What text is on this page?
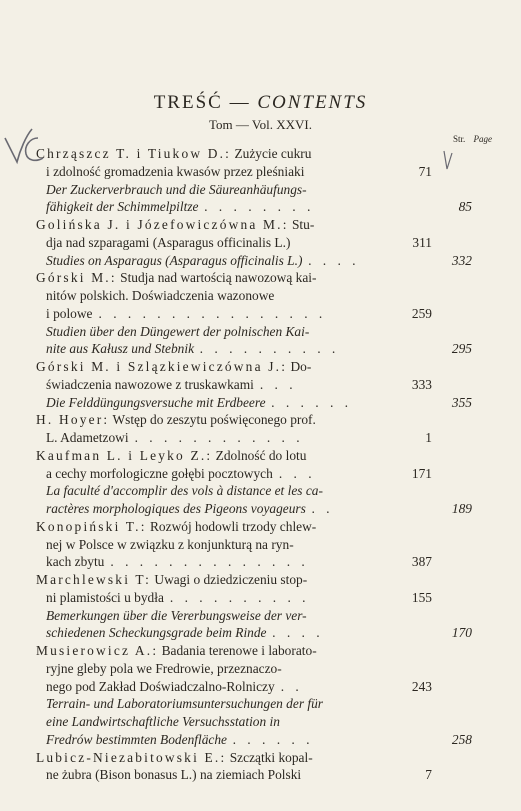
TREŚĆ — CONTENTS
Tom — Vol. XXVI.
Str. Page
Chrząszcz T. i Tiukow D.: Zużycie cukru
i zdolność gromadzenia kwasów przez pleśniaki	71
Der Zuckerverbrauch und die Säureanhäufungs-
fähigkeit der Schimmelpiltze . . . . . . . .	85
Golińska J. i Józefowiczówna M.: Stu-
dja nad szparagami (Asparagus officinalis L.)	311
Studies on Asparagus (Asparagus officinalis L.) . . . .	332
Górski M.: Studja nad wartością nawozową kai-
nitów polskich. Doświadczenia wazonowe
i polowe . . . . . . . . . . . . . . . .	259
Studien über den Düngewert der polnischen Kai-
nite aus Kałusz und Stebnik . . . . . . . . . .	295
Górski M. i Szlązkiewiczówna J.: Do-
świadczenia nawozowe z truskawkami . . .	333
Die Felddüngungsversuche mit Erdbeere . . . . . .	355
H. Hoyer: Wstęp do zeszytu poświęconego prof.
L. Adametzowi . . . . . . . . . . . .	1
Kaufman L. i Leyko Z.: Zdolność do lotu
a cechy morfologiczne gołębi pocztowych . . .	171
La faculté d'accomplir des vols à distance et les ca-
ractères morphologiques des Pigeons voyageurs . .	189
Konopiński T.: Rozwój hodowli trzody chlew-
nej w Polsce w związku z konjunkturą na ryn-
kach zbytu . . . . . . . . . . . . . .	387
Marchlewski T: Uwagi o dziedziczeniu stop-
ni plamistości u bydła . . . . . . . . . .	155
Bemerkungen über die Vererbungsweise der ver-
schiedenen Scheckungsgrade beim Rinde . . . .	170
Musierowicz A.: Badania terenowe i laborato-
ryjne gleby pola we Fredrowie, przeznaczo-
nego pod Zakład Doświadczalno-Rolniczy . .	243
Terrain- und Laboratoriumsuntersuchungen der für
eine Landwirtschaftliche Versuchsstation in
Fredrów bestimmten Bodenfläche . . . . . .	258
Lubicz-Niezabitowski E.: Szczątki kopal-
ne żubra (Bison bonasus L.) na ziemiach Polski	7
